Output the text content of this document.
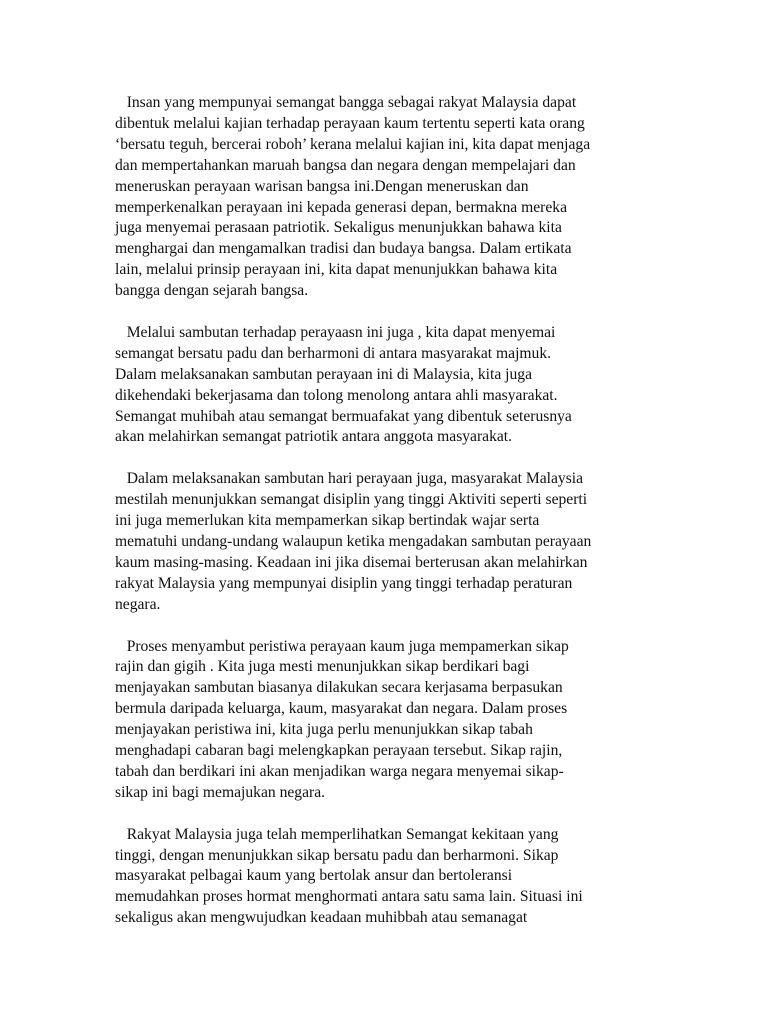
Insan yang mempunyai semangat bangga sebagai rakyat Malaysia dapat
dibentuk melalui kajian terhadap perayaan kaum tertentu seperti kata orang
‘bersatu teguh, bercerai roboh’ kerana melalui kajian ini, kita dapat menjaga
dan mempertahankan maruah bangsa dan negara dengan mempelajari dan
meneruskan perayaan warisan bangsa ini.Dengan meneruskan dan
memperkenalkan perayaan ini kepada generasi depan, bermakna mereka
juga menyemai perasaan patriotik. Sekaligus menunjukkan bahawa kita
menghargai dan mengamalkan tradisi dan budaya bangsa. Dalam ertikata
lain, melalui prinsip perayaan ini, kita dapat menunjukkan bahawa kita
bangga dengan sejarah bangsa.
Melalui sambutan terhadap perayaasn ini juga , kita dapat menyemai
semangat bersatu padu dan berharmoni di antara masyarakat majmuk.
Dalam melaksanakan sambutan perayaan ini di Malaysia, kita juga
dikehendaki bekerjasama dan tolong menolong antara ahli masyarakat.
Semangat muhibah atau semangat bermuafakat yang dibentuk seterusnya
akan melahirkan semangat patriotik antara anggota masyarakat.
Dalam melaksanakan sambutan hari perayaan juga, masyarakat Malaysia
mestilah menunjukkan semangat disiplin yang tinggi Aktiviti seperti seperti
ini juga memerlukan kita mempamerkan sikap bertindak wajar serta
mematuhi undang-undang walaupun ketika mengadakan sambutan perayaan
kaum masing-masing. Keadaan ini jika disemai berterusan akan melahirkan
rakyat Malaysia yang mempunyai disiplin yang tinggi terhadap peraturan
negara.
Proses menyambut peristiwa perayaan kaum juga mempamerkan sikap
rajin dan gigih . Kita juga mesti menunjukkan sikap berdikari bagi
menjayakan sambutan biasanya dilakukan secara kerjasama berpasukan
bermula daripada keluarga, kaum, masyarakat dan negara. Dalam proses
menjayakan peristiwa ini, kita juga perlu menunjukkan sikap tabah
menghadapi cabaran bagi melengkapkan perayaan tersebut. Sikap rajin,
tabah dan berdikari ini akan menjadikan warga negara menyemai sikap-
sikap ini bagi memajukan negara.
Rakyat Malaysia juga telah memperlihatkan Semangat kekitaan yang
tinggi, dengan menunjukkan sikap bersatu padu dan berharmoni. Sikap
masyarakat pelbagai kaum yang bertolak ansur dan bertoleransi
memudahkan proses hormat menghormati antara satu sama lain. Situasi ini
sekaligus akan mengwujudkan keadaan muhibbah atau semanagat
